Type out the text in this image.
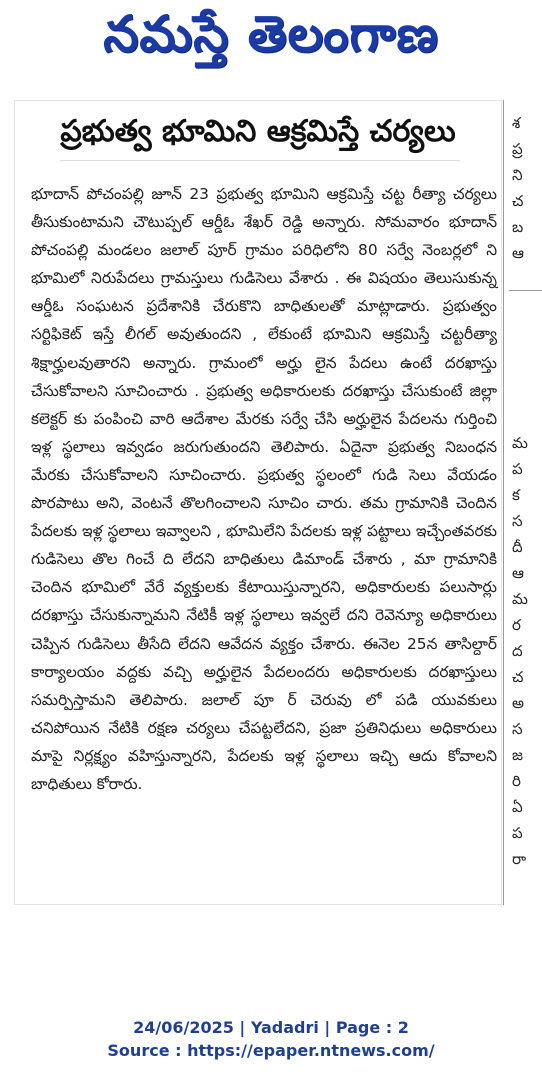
నమస్తే తెలంగాణ
ప్రభుత్వ భూమిని ఆక్రమిస్తే చర్యలు

భూదాన్ పోచంపల్లి జూన్ 23 ప్రభుత్వ భూమిని ఆక్రమిస్తే చట్ట రీత్యా చర్యలు తీసుకుంటామని చౌటుప్పల్ ఆర్డీఓ శేఖర్ రెడ్డి అన్నారు. సోమవారం భూదాన్ పోచంపల్లి మండలం జలాల్ పూర్ గ్రామం పరిధిలోని 80 సర్వే నెంబర్లలో ని భూమిలో నిరుపేదలు గ్రామస్తులు గుడిసెలు వేశారు . ఈ విషయం తెలుసుకున్న ఆర్డీఓ సంఘటన ప్రదేశానికి చేరుకొని బాధితులతో మాట్లాడారు. ప్రభుత్వం సర్టిఫికెట్ ఇస్తే లీగల్ అవుతుందని , లేకుంటే భూమిని ఆక్రమిస్తే చట్టరీత్యా శిక్షార్హులవుతారని అన్నారు. గ్రామంలో అర్హు లైన పేదలు ఉంటే దరఖాస్తు చేసుకోవాలని సూచించారు . ప్రభుత్వ అధికారులకు దరఖాస్తు చేసుకుంటే జిల్లా కలెక్టర్ కు పంపించి వారి ఆదేశాల మేరకు సర్వే చేసి అర్హులైన పేదలను గుర్తించి ఇళ్ల స్థలాలు ఇవ్వడం జరుగుతుందని తెలిపారు. ఏదైనా ప్రభుత్వ నిబంధన మేరకు చేసుకోవాలని సూచించారు. ప్రభుత్వ స్థలంలో గుడి సెలు వేయడం పొరపాటు అని, వెంటనే తొలగించాలని సూచిం చారు. తమ గ్రామానికి చెందిన పేదలకు ఇళ్ల స్థలాలు ఇవ్వాలని , భూమిలేని పేదలకు ఇళ్ల పట్టాలు ఇచ్చేంతవరకు గుడిసెలు తొల గించే ది లేదని బాధితులు డిమాండ్ చేశారు , మా గ్రామానికి చెందిన భూమిలో వేరే వ్యక్తులకు కేటాయిస్తున్నారని, అధికారులకు పలుసార్లు దరఖాస్తు చేసుకున్నామని నేటికీ ఇళ్ల స్థలాలు ఇవ్వలే దని రెవెన్యూ అధికారులు చెప్పిన గుడిసెలు తీసేది లేదని ఆవేదన వ్యక్తం చేశారు. ఈనెల 25న తాసిల్దార్ కార్యాలయం వద్దకు వచ్చి అర్హులైన పేదలందరు అధికారులకు దరఖాస్తులు సమర్పిస్తామని తెలిపారు. జలాల్ పూ ర్ చెరువు లో పడి యువకులు చనిపోయిన నేటికి రక్షణ చర్యలు చేపట్టలేదని, ప్రజా ప్రతినిధులు అధికారులు మాపై నిర్లక్ష్యం వహిస్తున్నారని, పేదలకు ఇళ్ల స్థలాలు ఇచ్చి ఆదు కోవాలని బాధితులు కోరారు.

శ
ప్ర
ని
చ
బ
ఆ
మ
ప
క
స
దీ
ఆ
మ
ర
ద
చ
అ
స
జ
రి
ఏ
ప
రా
24/06/2025 | Yadadri | Page : 2
Source : https://epaper.ntnews.com/
